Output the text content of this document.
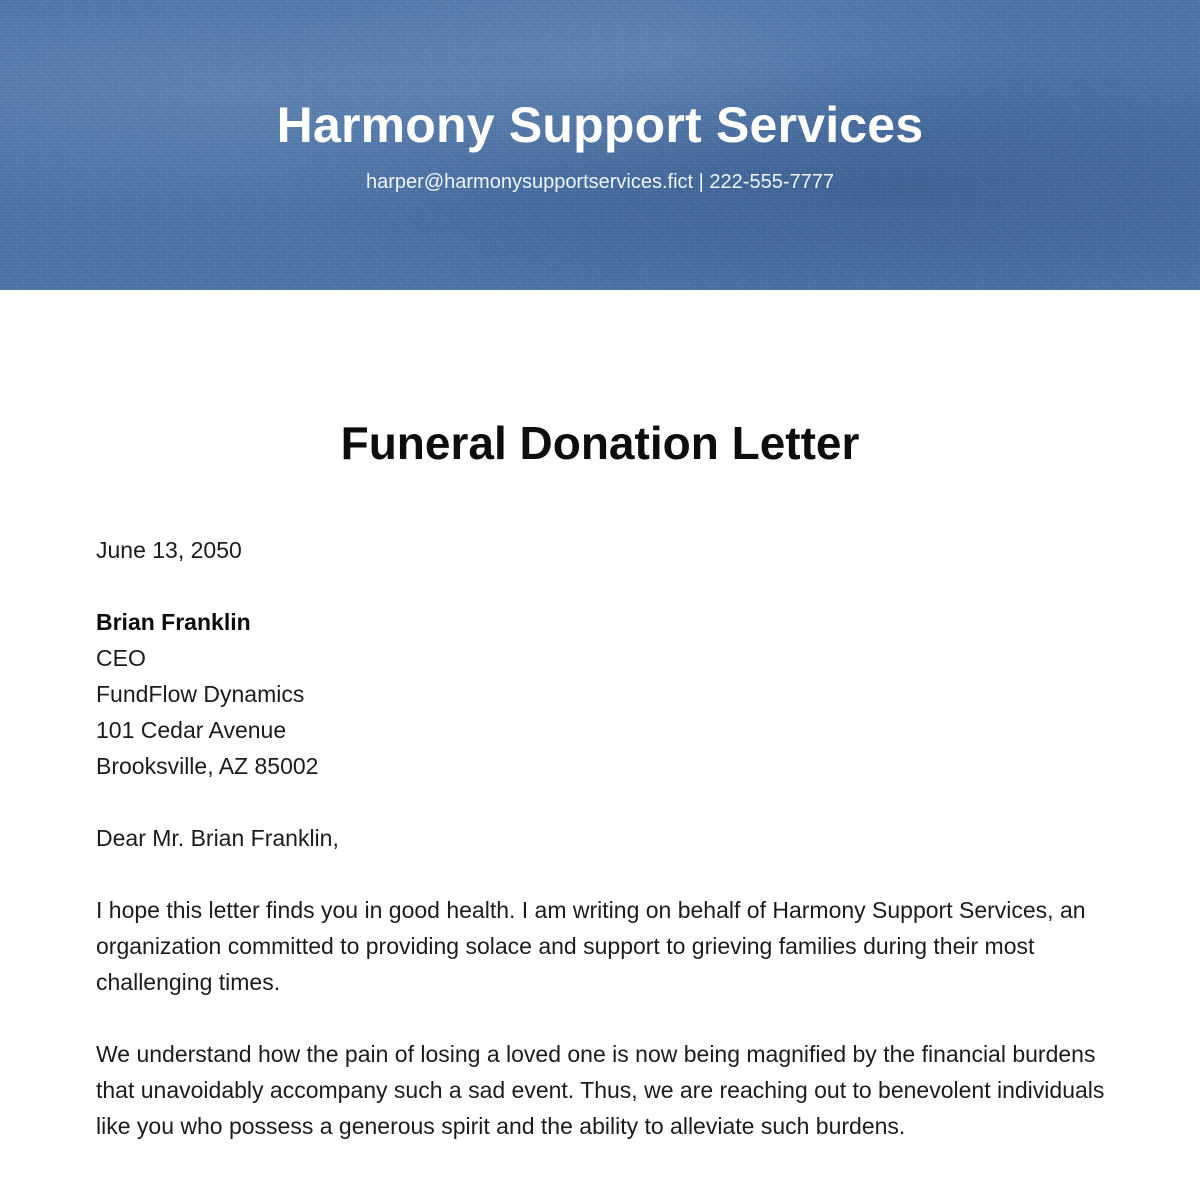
Harmony Support Services
harper@harmonysupportservices.fict | 222-555-7777
Funeral Donation Letter
June 13, 2050
Brian Franklin
CEO
FundFlow Dynamics
101 Cedar Avenue
Brooksville, AZ 85002
Dear Mr. Brian Franklin,
I hope this letter finds you in good health. I am writing on behalf of Harmony Support Services, an organization committed to providing solace and support to grieving families during their most challenging times.
We understand how the pain of losing a loved one is now being magnified by the financial burdens that unavoidably accompany such a sad event. Thus, we are reaching out to benevolent individuals like you who possess a generous spirit and the ability to alleviate such burdens.
